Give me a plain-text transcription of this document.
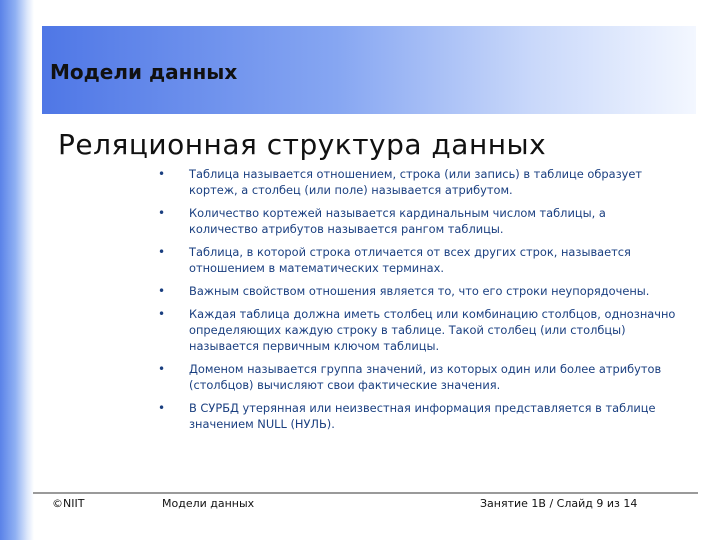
Модели данных
Реляционная структура данных
• Таблица называется отношением, строка (или запись) в таблице образует кортеж, а столбец (или поле) называется атрибутом.
• Количество кортежей называется кардинальным числом таблицы, а количество атрибутов называется рангом таблицы.
• Таблица, в которой строка отличается от всех других строк, называется отношением в математических терминах.
• Важным свойством отношения является то, что его строки неупорядочены.
• Каждая таблица должна иметь столбец или комбинацию столбцов, однозначно определяющих каждую строку в таблице. Такой столбец (или столбцы) называется первичным ключом таблицы.
• Доменом называется группа значений, из которых один или более атрибутов (столбцов) вычисляют свои фактические значения.
• В СУРБД утерянная или неизвестная информация представляется в таблице значением NULL (НУЛЬ).
©NIIT	Модели данных	Занятие 1В / Слайд 9 из 14
